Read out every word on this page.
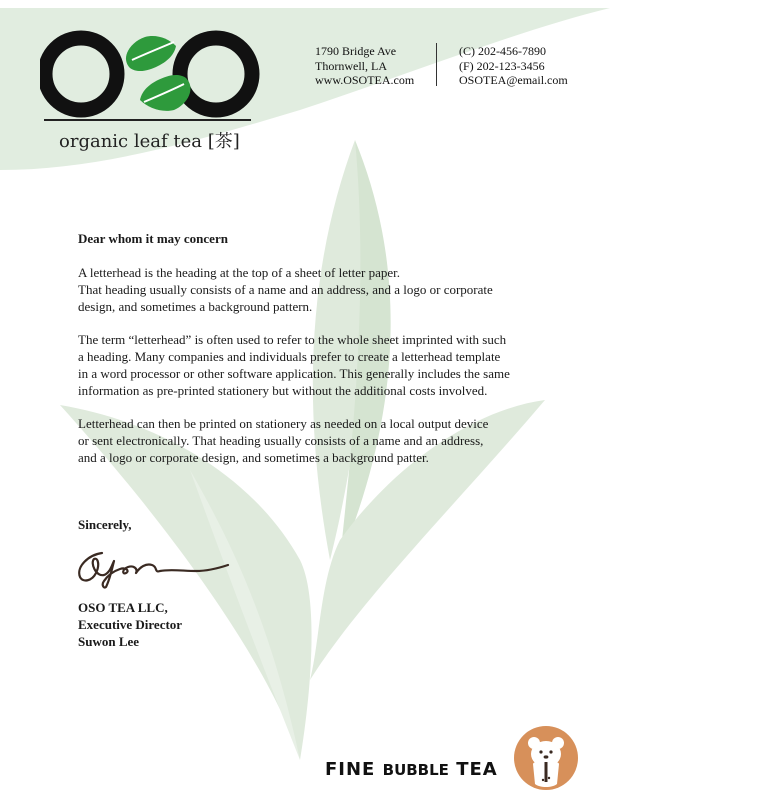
organic leaf tea [茶]
1790 Bridge Ave
Thornwell, LA
www.OSOTEA.com
(C) 202-456-7890
(F) 202-123-3456
OSOTEA@email.com
Dear whom it may concern
A letterhead is the heading at the top of a sheet of letter paper.
That heading usually consists of a name and an address, and a logo or corporate
design, and sometimes a background pattern.
The term “letterhead” is often used to refer to the whole sheet imprinted with such
a heading. Many companies and individuals prefer to create a letterhead template
in a word processor or other software application. This generally includes the same
information as pre-printed stationery but without the additional costs involved.
Letterhead can then be printed on stationery as needed on a local output device
or sent electronically. That heading usually consists of a name and an address,
and a logo or corporate design, and sometimes a background patter.
Sincerely,
OSO TEA LLC,
Executive Director
Suwon Lee
FINE BUBBLE TEA
